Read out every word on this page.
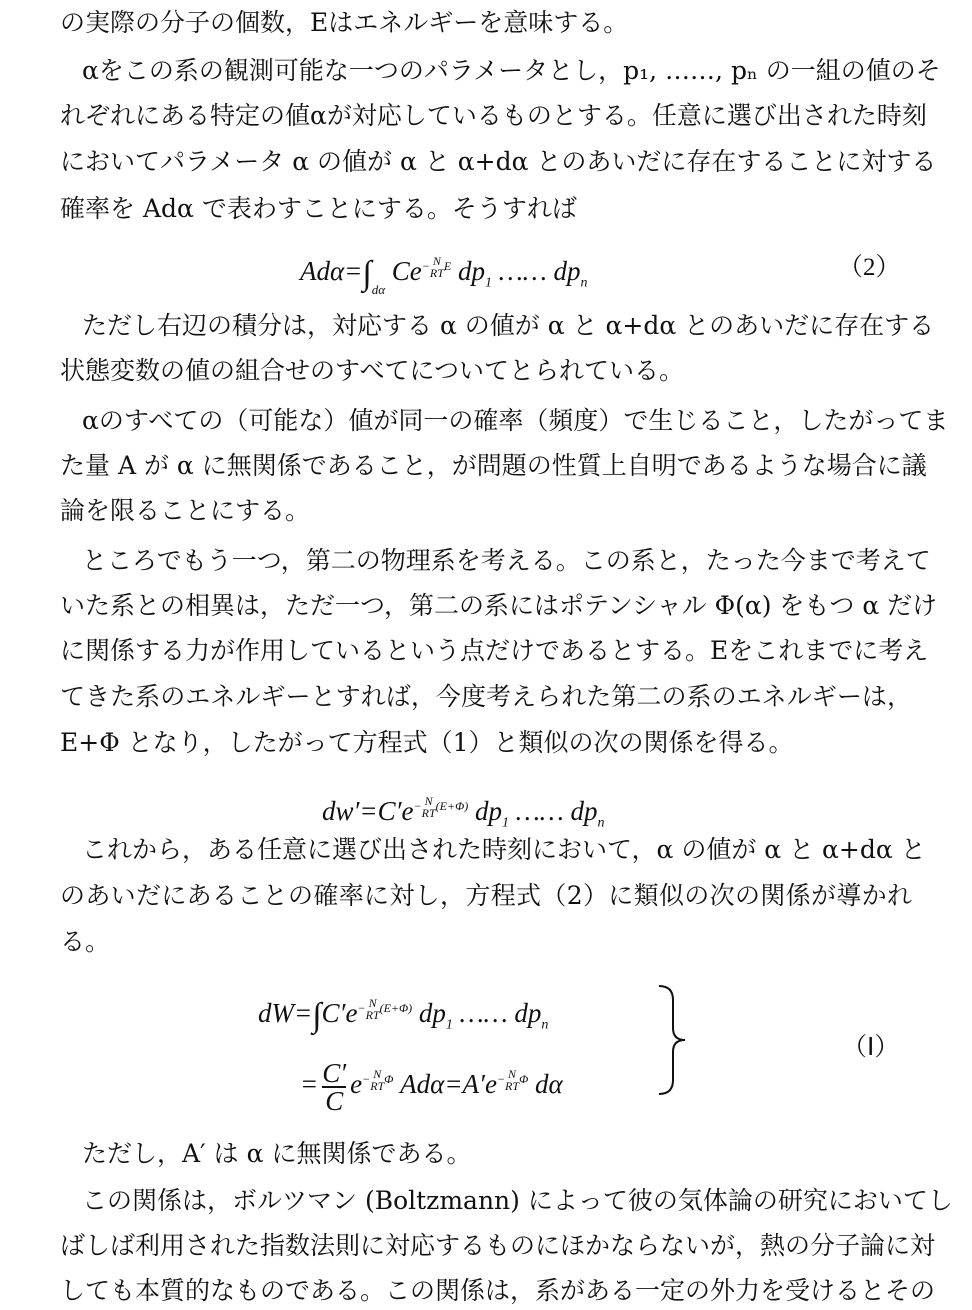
の実際の分子の個数，Eはエネルギーを意味する。
αをこの系の観測可能な一つのパラメータとし，p₁, ……, pₙ の一組の値のそ
れぞれにある特定の値αが対応しているものとする。任意に選び出された時刻
においてパラメータ α の値が α と α+dα とのあいだに存在することに対する
確率を Adα で表わすことにする。そうすれば
$Ad\alpha=\int_{d\alpha}$ $Ce^{- N RTE}$ $dp_1$ …… $dp_n$
（2）
ただし右辺の積分は，対応する α の値が α と α+dα とのあいだに存在する
状態変数の値の組合せのすべてについてとられている。
αのすべての（可能な）値が同一の確率（頻度）で生じること，したがってま
た量 A が α に無関係であること，が問題の性質上自明であるような場合に議
論を限ることにする。
ところでもう一つ，第二の物理系を考える。この系と，たった今まで考えて
いた系との相異は，ただ一つ，第二の系にはポテンシャル Φ(α) をもつ α だけ
に関係する力が作用しているという点だけであるとする。Eをこれまでに考え
てきた系のエネルギーとすれば，今度考えられた第二の系のエネルギーは，
E+Φ となり，したがって方程式（1）と類似の次の関係を得る。
$dw'=C'e^{- N RT(E+\Phi)}$ $dp_1$ …… $dp_n$
これから，ある任意に選び出された時刻において，α の値が α と α+dα と
のあいだにあることの確率に対し，方程式（2）に類似の次の関係が導かれ
る。
$dW=\int C'e^{- N RT(E+\Phi)}$ $dp_1$ …… $dp_n$
= $\frac{C'}{C} e^{- N RT\Phi}$ $Ad\alpha=A'e^{- N RT\Phi}$ dα
（Ⅰ）
ただし，A′ は α に無関係である。
この関係は，ボルツマン (Boltzmann) によって彼の気体論の研究においてし
ばしば利用された指数法則に対応するものにほかならないが，熱の分子論に対
しても本質的なものである。この関係は，系がある一定の外力を受けるとその
